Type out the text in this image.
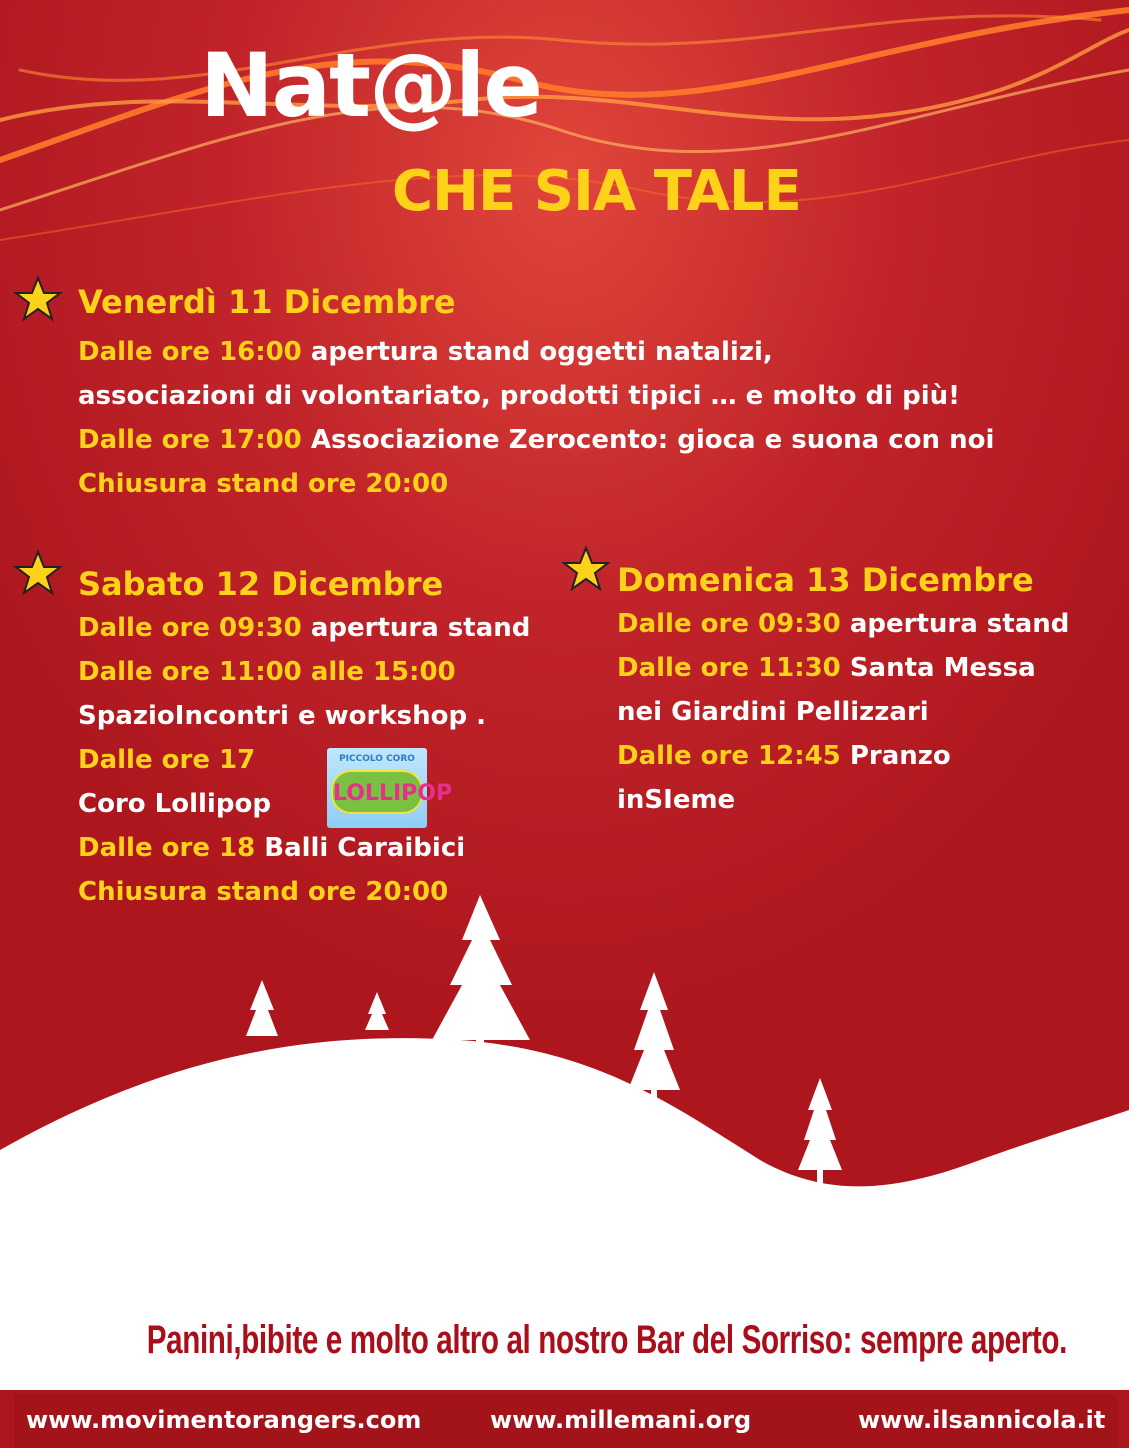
Nat@le
CHE SIA TALE
Venerdì 11 Dicembre
Dalle ore 16:00 apertura stand oggetti natalizi,
associazioni di volontariato, prodotti tipici … e molto di più!
Dalle ore 17:00 Associazione Zerocento: gioca e suona con noi
Chiusura stand ore 20:00
Sabato 12 Dicembre
Dalle ore 09:30 apertura stand
Dalle ore 11:00 alle 15:00
SpazioIncontri e workshop .
Dalle ore 17
Coro Lollipop
Dalle ore 18 Balli Caraibici
Chiusura stand ore 20:00
Domenica 13 Dicembre
Dalle ore 09:30 apertura stand
Dalle ore 11:30 Santa Messa
nei Giardini Pellizzari
Dalle ore 12:45 Pranzo
inSIeme
PICCOLO CORO
LOLLIPOP
Panini,bibite e molto altro al nostro Bar del Sorriso: sempre aperto.
www.movimentorangers.com	www.millemani.org	www.ilsannicola.it
